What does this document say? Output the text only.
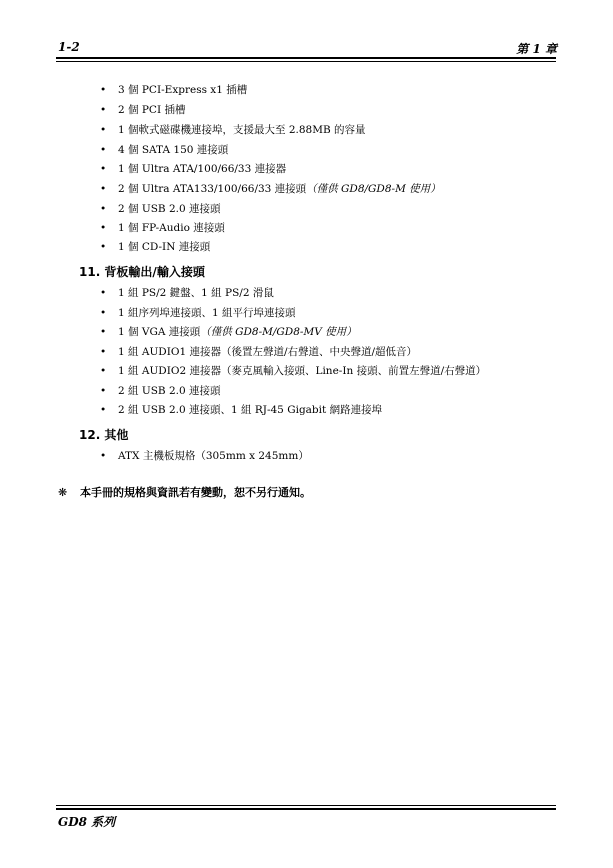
1-2	第 1 章
• 3 個 PCI-Express x1 插槽
• 2 個 PCI 插槽
• 1 個軟式磁碟機連接埠，支援最大至 2.88MB 的容量
• 4 個 SATA 150 連接頭
• 1 個 Ultra ATA/100/66/33 連接器
• 2 個 Ultra ATA133/100/66/33 連接頭（僅供 GD8/GD8-M 使用）
• 2 個 USB 2.0 連接頭
• 1 個 FP-Audio 連接頭
• 1 個 CD-IN 連接頭
11. 背板輸出/輸入接頭
• 1 組 PS/2 鍵盤、1 組 PS/2 滑鼠
• 1 組序列埠連接頭、1 組平行埠連接頭
• 1 個 VGA 連接頭（僅供 GD8-M/GD8-MV 使用）
• 1 組 AUDIO1 連接器（後置左聲道/右聲道、中央聲道/超低音）
• 1 組 AUDIO2 連接器（麥克風輸入接頭、Line-In 接頭、前置左聲道/右聲道）
• 2 組 USB 2.0 連接頭
• 2 組 USB 2.0 連接頭、1 組 RJ-45 Gigabit 網路連接埠
12. 其他
• ATX 主機板規格（305mm x 245mm）
❋ 本手冊的規格與資訊若有變動，恕不另行通知。
GD8 系列
